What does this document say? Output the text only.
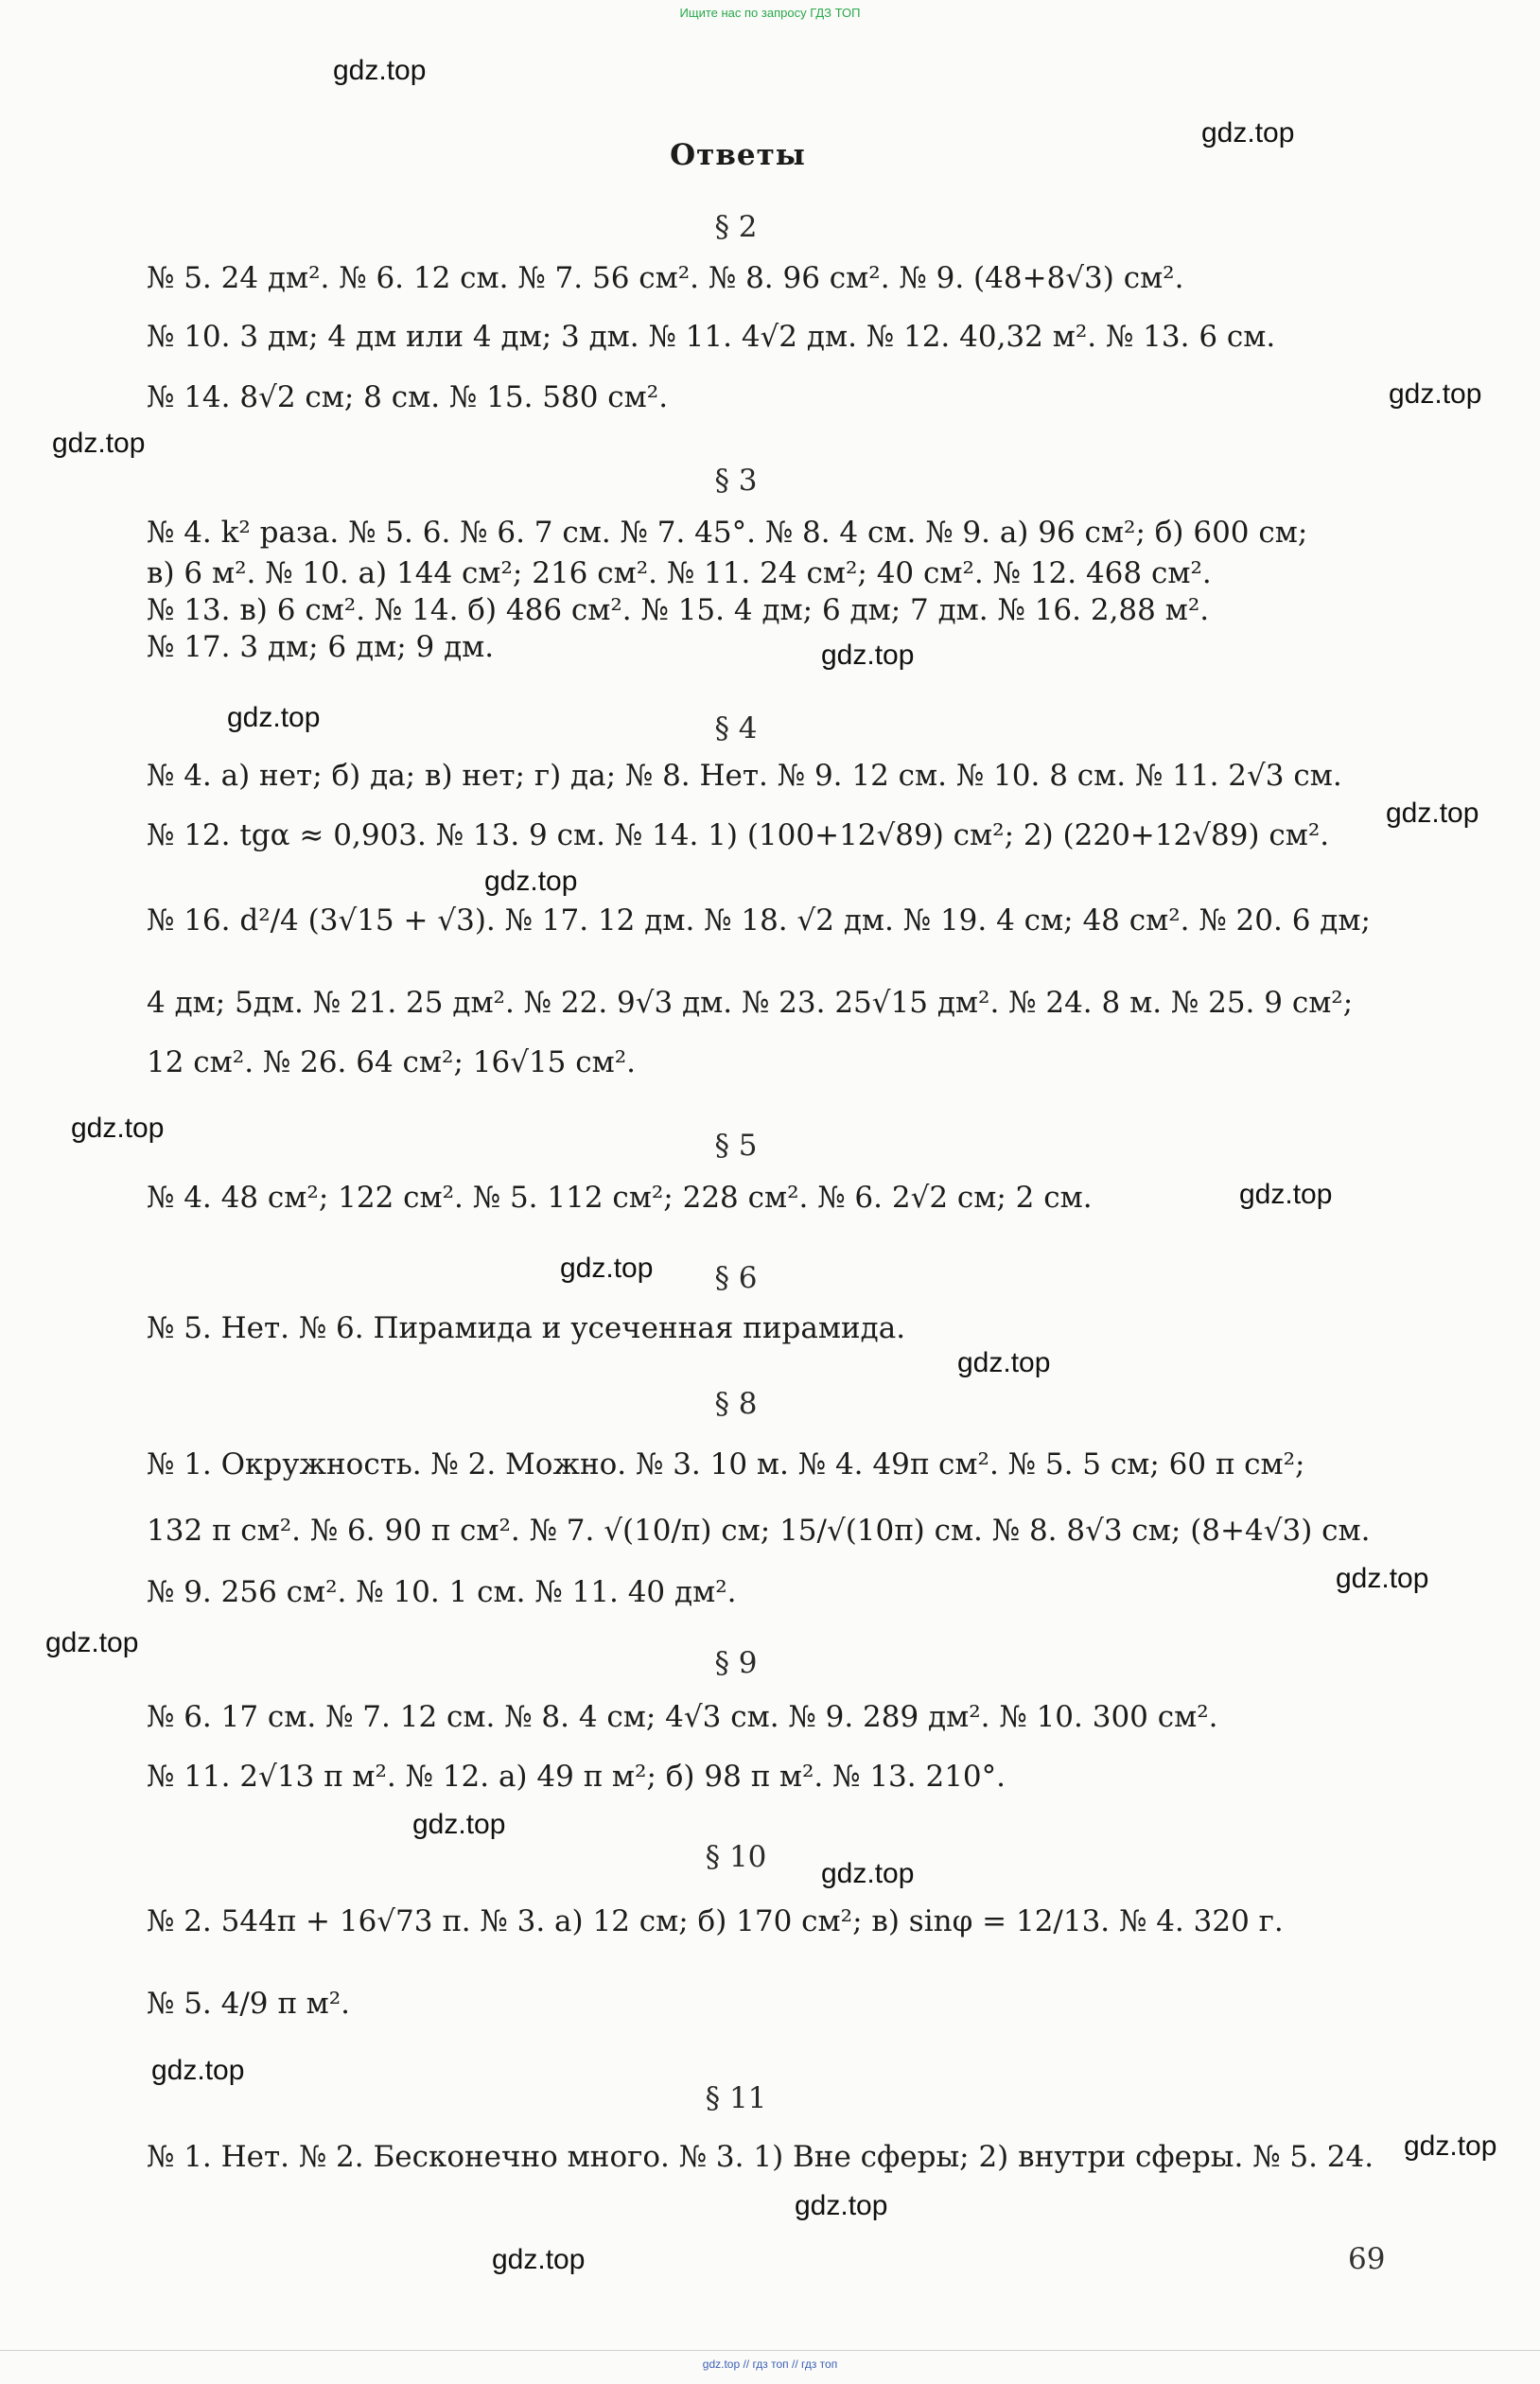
Ищите нас по запросу ГДЗ ТОП

Ответы
§ 2
№ 5. 24 дм². № 6. 12 см. № 7. 56 см². № 8. 96 см². № 9. (48+8√3) см².
№ 10. 3 дм; 4 дм или 4 дм; 3 дм. № 11. 4√2 дм. № 12. 40,32 м². № 13. 6 см.
№ 14. 8√2 см; 8 см. № 15. 580 см².
§ 3
№ 4. k² раза. № 5. 6. № 6. 7 см. № 7. 45°. № 8. 4 см. № 9. а) 96 см²; б) 600 см;
в) 6 м². № 10. а) 144 см²; 216 см². № 11. 24 см²; 40 см². № 12. 468 см².
№ 13. в) 6 см². № 14. б) 486 см². № 15. 4 дм; 6 дм; 7 дм. № 16. 2,88 м².
№ 17. 3 дм; 6 дм; 9 дм.
§ 4
№ 4. а) нет; б) да; в) нет; г) да; № 8. Нет. № 9. 12 см. № 10. 8 см. № 11. 2√3 см.
№ 12. tgα ≈ 0,903. № 13. 9 см. № 14. 1) (100+12√89) см²; 2) (220+12√89) см².
№ 16. d²/4 (3√15 + √3). № 17. 12 дм. № 18. √2 дм. № 19. 4 см; 48 см². № 20. 6 дм;
4 дм; 5дм. № 21. 25 дм². № 22. 9√3 дм. № 23. 25√15 дм². № 24. 8 м. № 25. 9 см²;
12 см². № 26. 64 см²; 16√15 см².
§ 5
№ 4. 48 см²; 122 см². № 5. 112 см²; 228 см². № 6. 2√2 см; 2 см.
§ 6
№ 5. Нет. № 6. Пирамида и усеченная пирамида.
§ 8
№ 1. Окружность. № 2. Можно. № 3. 10 м. № 4. 49π см². № 5. 5 см; 60 π см²;
132 π см². № 6. 90 π см². № 7. √(10/π) см; 15/√(10π) см. № 8. 8√3 см; (8+4√3) см.
№ 9. 256 см². № 10. 1 см. № 11. 40 дм².
§ 9
№ 6. 17 см. № 7. 12 см. № 8. 4 см; 4√3 см. № 9. 289 дм². № 10. 300 см².
№ 11. 2√13 π м². № 12. а) 49 π м²; б) 98 π м². № 13. 210°.
§ 10
№ 2. 544π + 16√73 π. № 3. а) 12 см; б) 170 см²; в) sinφ = 12/13. № 4. 320 г.
№ 5. 4/9 π м².
§ 11
№ 1. Нет. № 2. Бесконечно много. № 3. 1) Вне сферы; 2) внутри сферы. № 5. 24.
69
gdz.top
gdz.top
gdz.top
gdz.top
gdz.top
gdz.top
gdz.top
gdz.top
gdz.top
gdz.top
gdz.top
gdz.top
gdz.top
gdz.top
gdz.top
gdz.top
gdz.top
gdz.top
gdz.top
gdz.top
gdz.top // гдз топ // гдз топ
